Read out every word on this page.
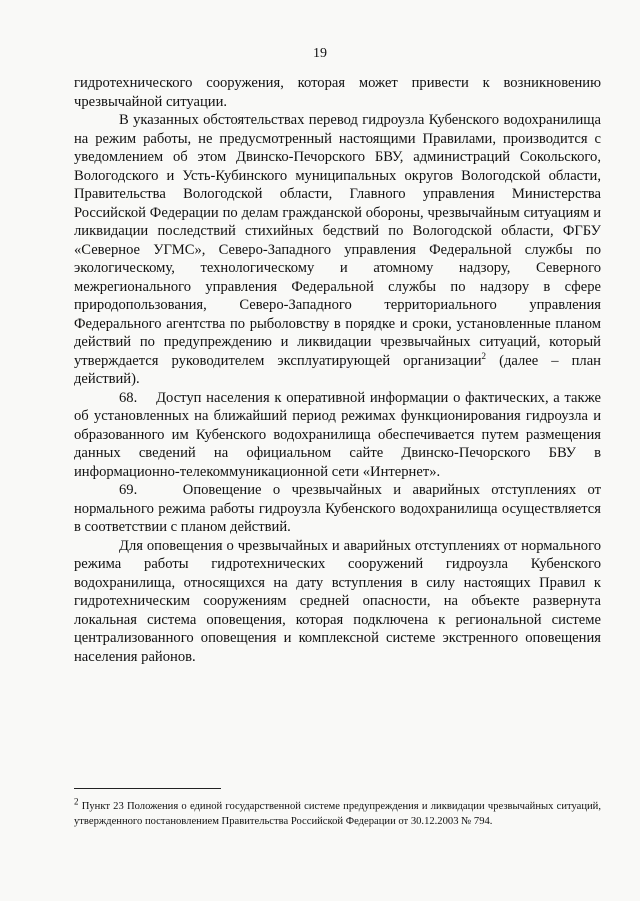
19

гидротехнического сооружения, которая может привести к возникновению чрезвычайной ситуации.

В указанных обстоятельствах перевод гидроузла Кубенского водохранилища на режим работы, не предусмотренный настоящими Правилами, производится с уведомлением об этом Двинско-Печорского БВУ, администраций Сокольского, Вологодского и Усть-Кубинского муниципальных округов Вологодской области, Правительства Вологодской области, Главного управления Министерства Российской Федерации по делам гражданской обороны, чрезвычайным ситуациям и ликвидации последствий стихийных бедствий по Вологодской области, ФГБУ «Северное УГМС», Северо-Западного управления Федеральной службы по экологическому, технологическому и атомному надзору, Северного межрегионального управления Федеральной службы по надзору в сфере природопользования, Северо-Западного территориального управления Федерального агентства по рыболовству в порядке и сроки, установленные планом действий по предупреждению и ликвидации чрезвычайных ситуаций, который утверждается руководителем эксплуатирующей организации$^2$ (далее – план действий).

68.    Доступ населения к оперативной информации о фактических, а также об установленных на ближайший период режимах функционирования гидроузла и образованного им Кубенского водохранилища обеспечивается путем размещения данных сведений на официальном сайте Двинско-Печорского БВУ в информационно-телекоммуникационной сети «Интернет».

69.    Оповещение о чрезвычайных и аварийных отступлениях от нормального режима работы гидроузла Кубенского водохранилища осуществляется в соответствии с планом действий.

Для оповещения о чрезвычайных и аварийных отступлениях от нормального режима работы гидротехнических сооружений гидроузла Кубенского водохранилища, относящихся на дату вступления в силу настоящих Правил к гидротехническим сооружениям средней опасности, на объекте развернута локальная система оповещения, которая подключена к региональной системе централизованного оповещения и комплексной системе экстренного оповещения населения районов.

$^2$ Пункт 23 Положения о единой государственной системе предупреждения и ликвидации чрезвычайных ситуаций, утвержденного постановлением Правительства Российской Федерации от 30.12.2003 № 794.
